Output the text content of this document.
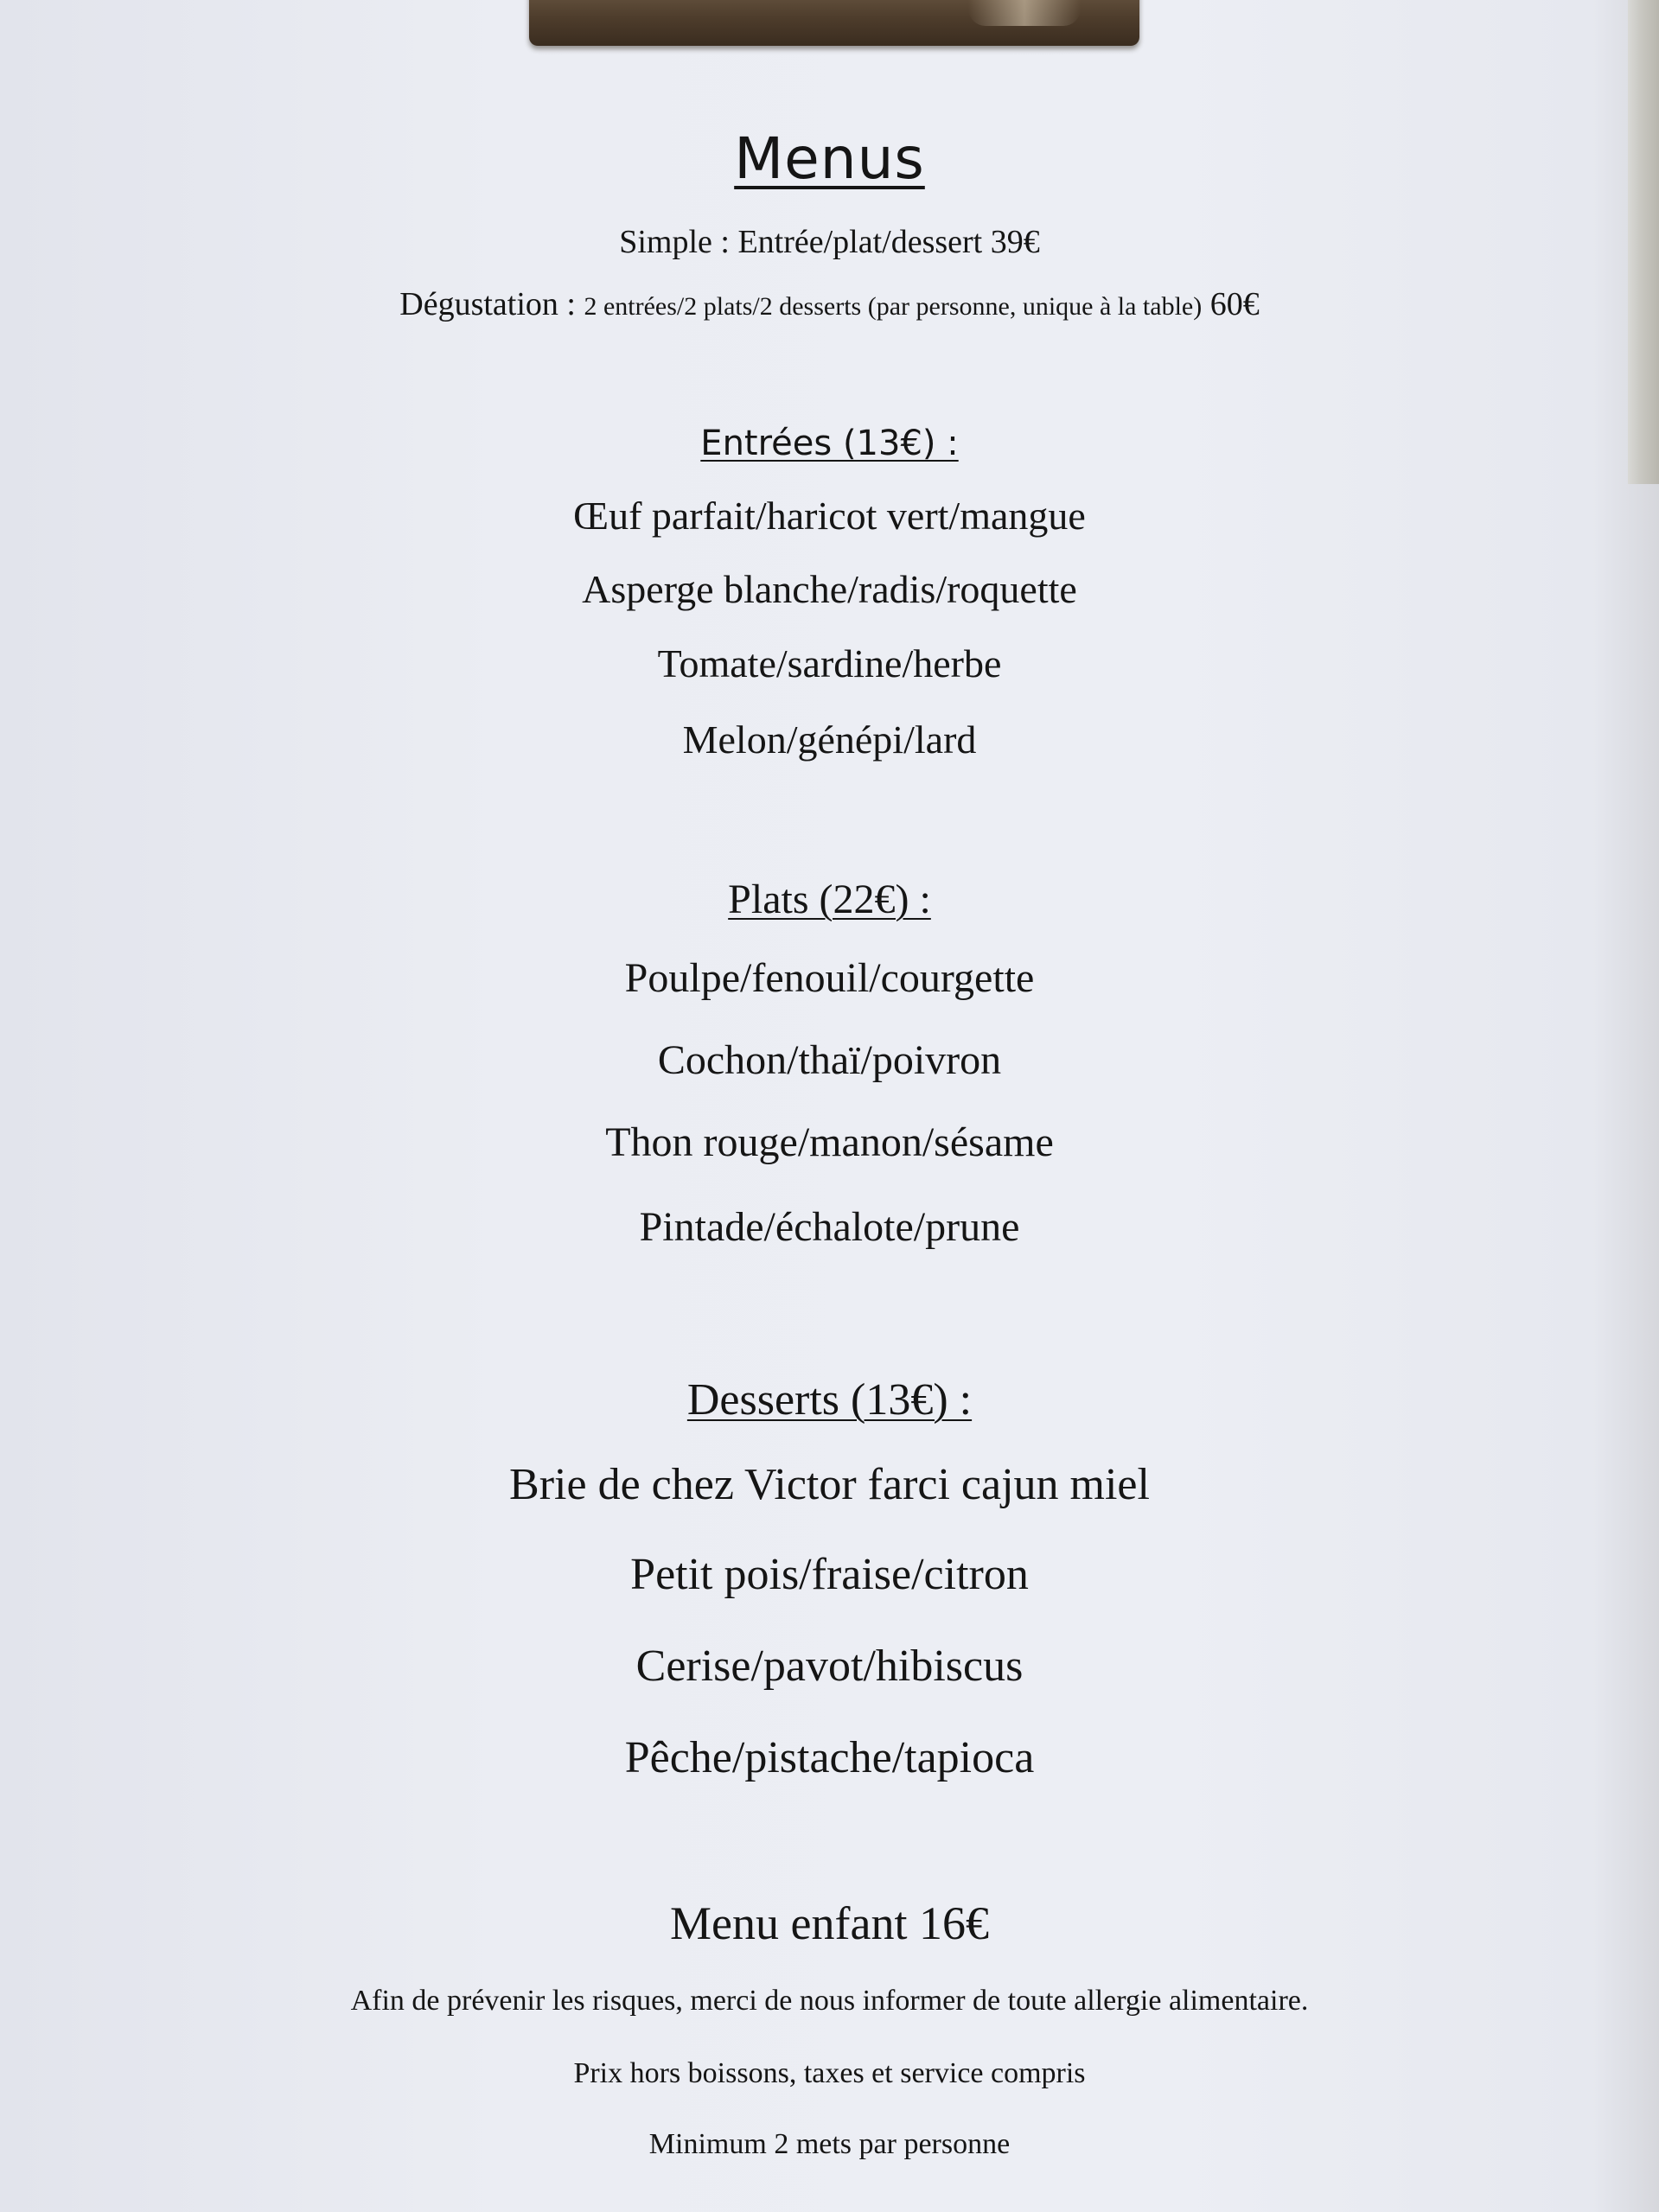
Menus

Simple : Entrée/plat/dessert 39€

Dégustation : 2 entrées/2 plats/2 desserts (par personne, unique à la table) 60€

Entrées (13€) :

Œuf parfait/haricot vert/mangue

Asperge blanche/radis/roquette

Tomate/sardine/herbe

Melon/génépi/lard

Plats (22€) :

Poulpe/fenouil/courgette

Cochon/thaï/poivron

Thon rouge/manon/sésame

Pintade/échalote/prune

Desserts (13€) :

Brie de chez Victor farci cajun miel

Petit pois/fraise/citron

Cerise/pavot/hibiscus

Pêche/pistache/tapioca

Menu enfant 16€

Afin de prévenir les risques, merci de nous informer de toute allergie alimentaire.

Prix hors boissons, taxes et service compris

Minimum 2 mets par personne
